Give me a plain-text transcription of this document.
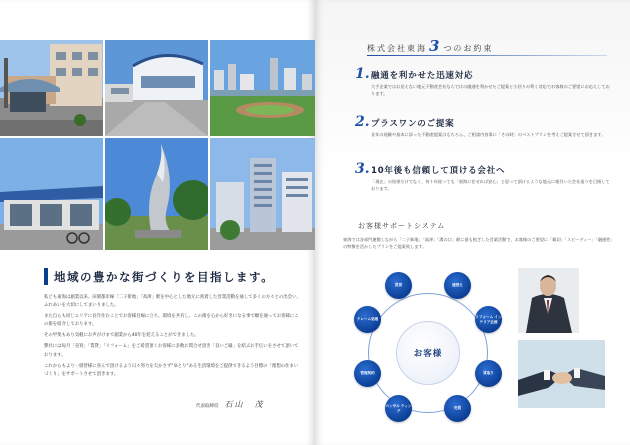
地域の豊かな街づくりを目指します。

私ども東海は創業以来、田園都市線「二子新地」「高津」駅を中心とした地元に密着した営業活動を通して多くの方々との出会い、ふれあいを大切にしてまいりました。

また自らも同じエリアに長年住むことでお客様目線に立ち、環境を共有し、この街を心から好きになる事で願を通ってお客様にこの街を紹介しております。

その甲斐もあり気軽にお声がけまで創業から40年を迎えることができました。

弊社には毎月「売買」「賃貸」「リフォーム」をご希望頂くお客様に多数お問合せ頂き「良いご縁」を結ぶお手伝いをさせて頂いております。

これからもより一層皆様に喜んで頂けるよう日々努力を欠かさず"ゆとり"ある生活環境をご提供できるよう目標の「理想の住まいづくり」をサポートさせて頂きます。

代表取締役 石山　茂
株式会社東海 3 つのお約束
1. 融通を利かせた迅速対応
大手企業ではお見えない地元不動産会社ならではの融通を利かせたご提案と小回りの利く対応でお客様のご要望にお応えしております。
2. プラスワンのご提案
長年の経験や基本に添った不動産提案はもちろん、ご相談内容事に「その時」のベストプランを考えご提案させて頂きます。
3. 10年後も信頼して頂ける会社へ
「現在」の結果だけでなく、何十年経っても「東海に任せれば安心」と思って頂けるような地元に根付いた会社造りを目指しております。
お客様サポートシステム
東海では各部門連携しながら「二子新地」「高津」「溝の口」駅に最も根ざした営業活動で、お客様のご要望に「親切」「スピーディー」「融通性」の特徴を活かしたプランをご提案致します。
お客様
賃貸	建替え
リフォーム インテリア企画
買取り
売買
コンサル ティング
管理契約
クレーム処理
